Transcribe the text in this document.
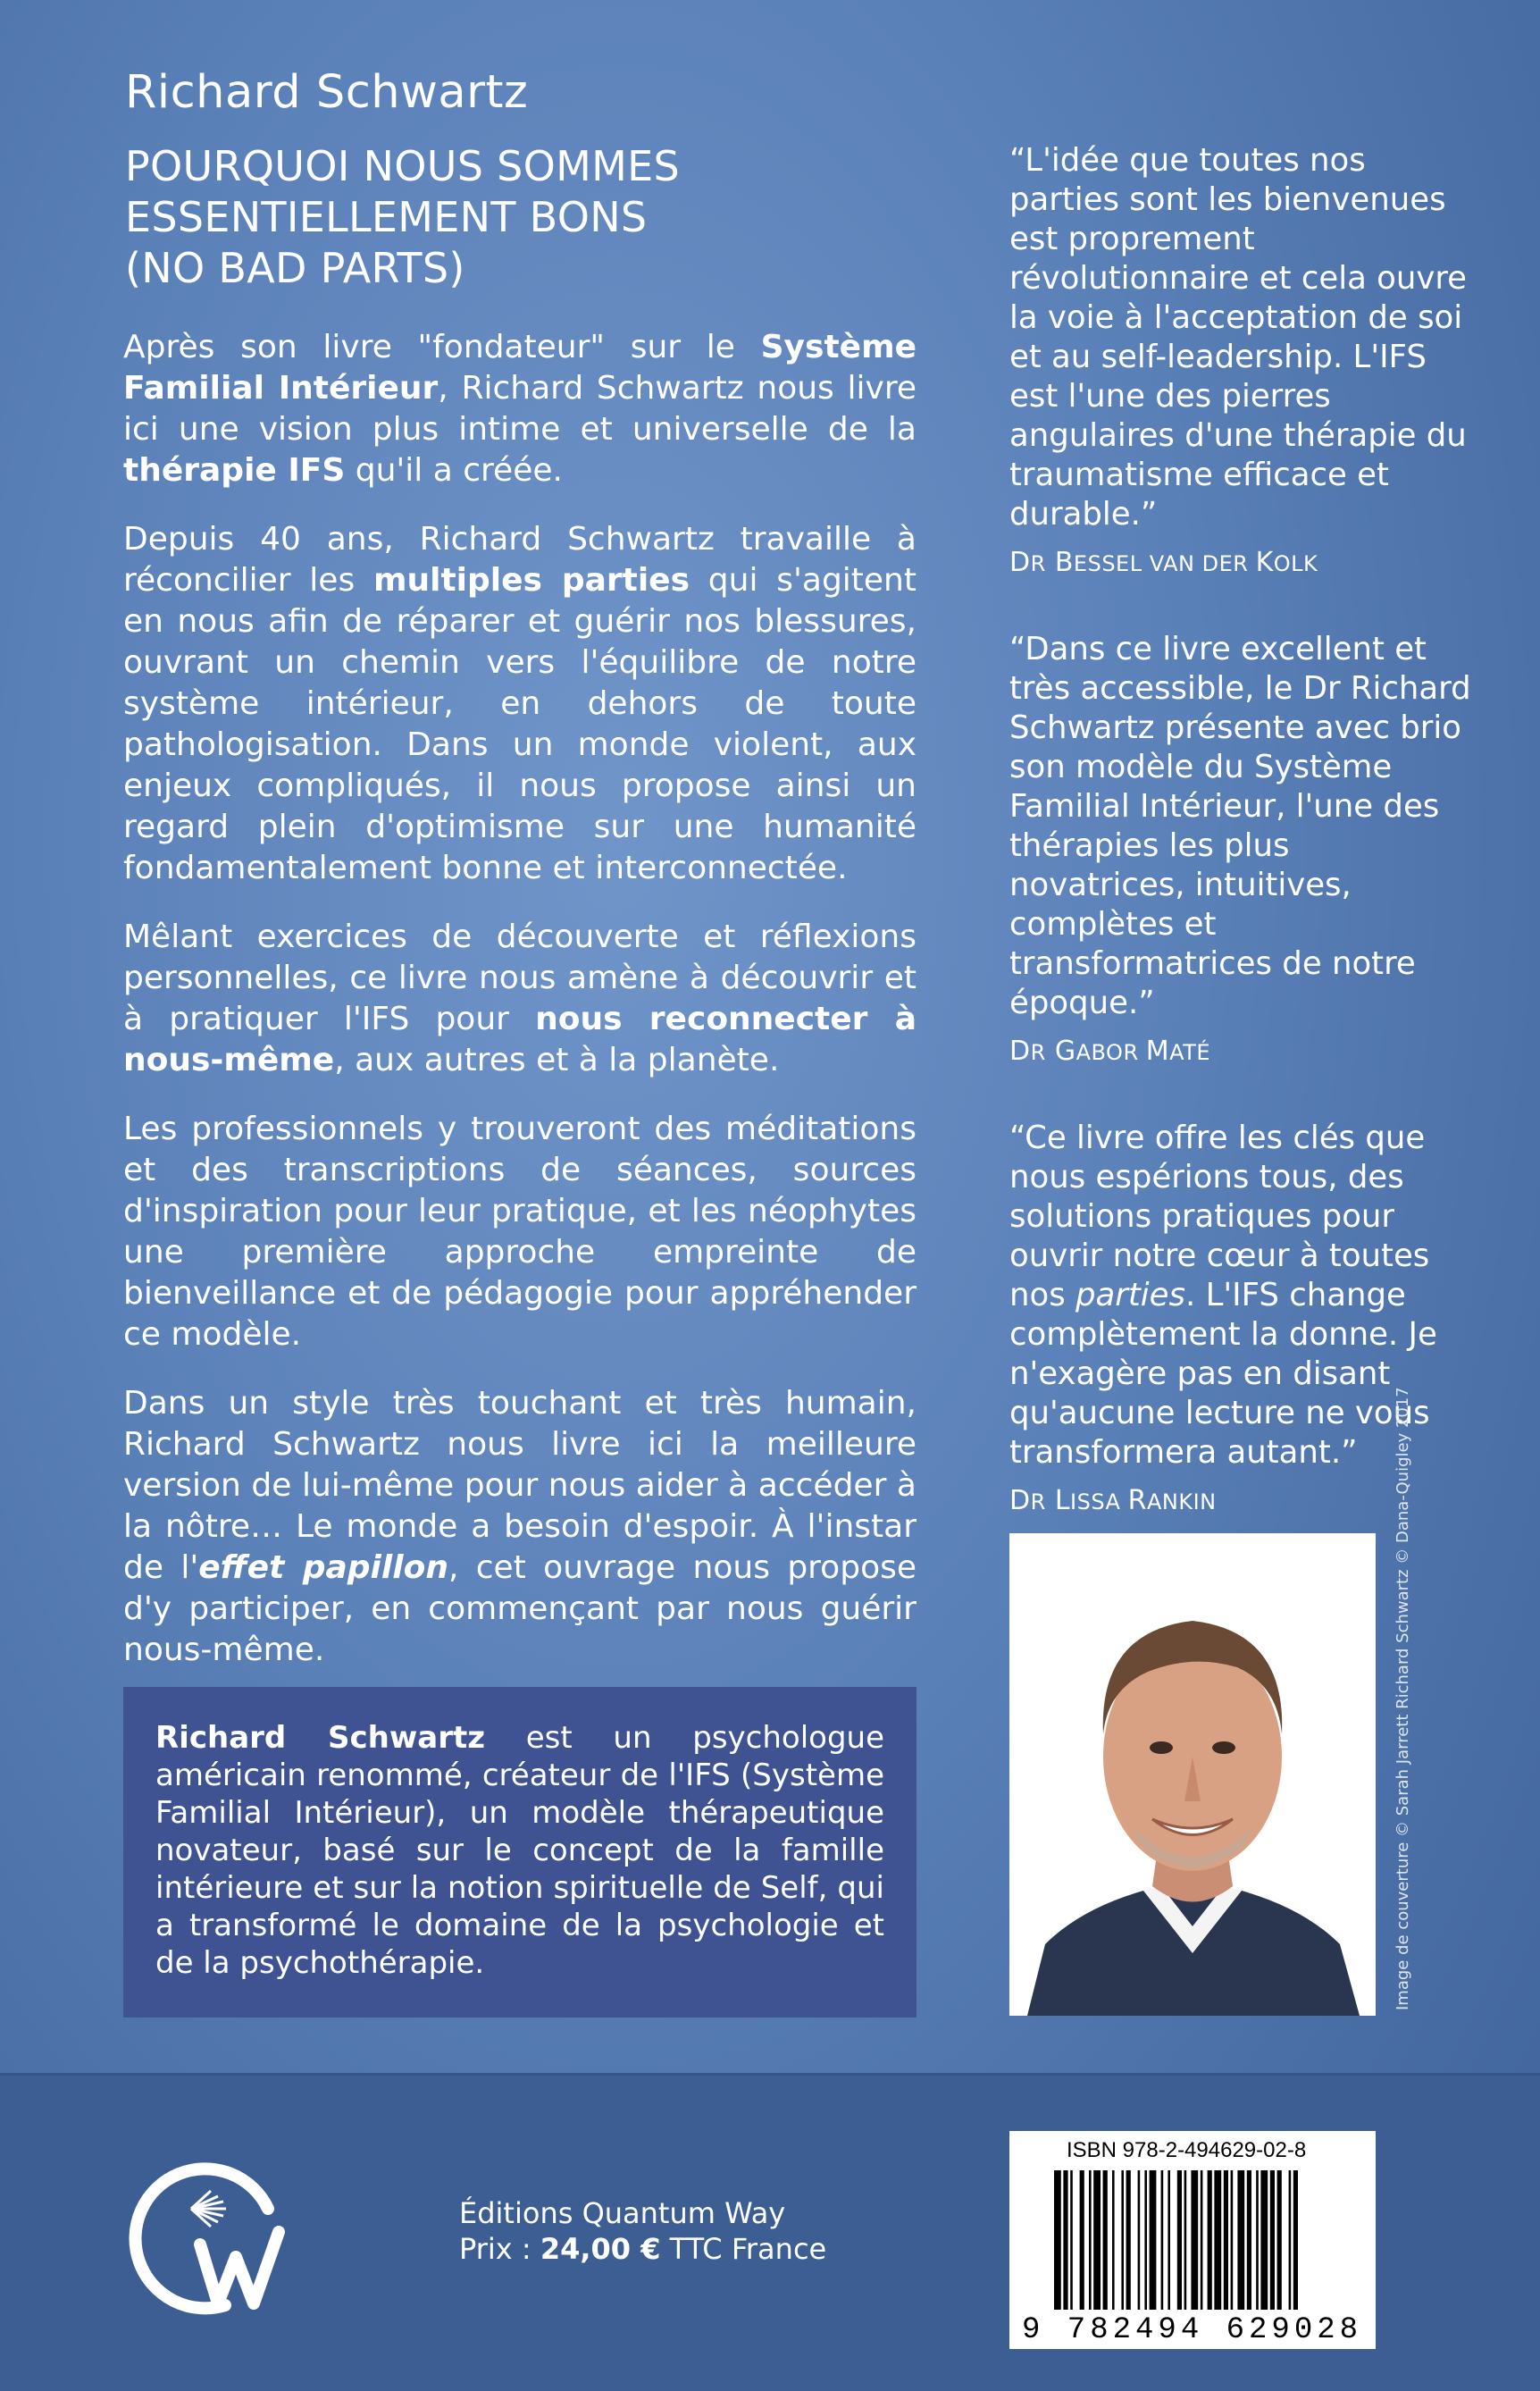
Richard Schwartz
POURQUOI NOUS SOMMES
ESSENTIELLEMENT BONS
(NO BAD PARTS)

Après son livre "fondateur" sur le Système Familial Intérieur, Richard Schwartz nous livre ici une vision plus intime et universelle de la thérapie IFS qu'il a créée.

Depuis 40 ans, Richard Schwartz travaille à réconcilier les multiples parties qui s'agitent en nous afin de réparer et guérir nos blessures, ouvrant un chemin vers l'équilibre de notre système intérieur, en dehors de toute pathologisation. Dans un monde violent, aux enjeux compliqués, il nous propose ainsi un regard plein d'optimisme sur une humanité fondamentalement bonne et interconnectée.

Mêlant exercices de découverte et réflexions personnelles, ce livre nous amène à découvrir et à pratiquer l'IFS pour nous reconnecter à nous-même, aux autres et à la planète.

Les professionnels y trouveront des méditations et des transcriptions de séances, sources d'inspiration pour leur pratique, et les néophytes une première approche empreinte de bienveillance et de pédagogie pour appréhender ce modèle.

Dans un style très touchant et très humain, Richard Schwartz nous livre ici la meilleure version de lui-même pour nous aider à accéder à la nôtre… Le monde a besoin d'espoir. À l'instar de l'effet papillon, cet ouvrage nous propose d'y participer, en commençant par nous guérir nous-même.

Richard Schwartz est un psychologue américain renommé, créateur de l'IFS (Système Familial Intérieur), un modèle thérapeutique novateur, basé sur le concept de la famille intérieure et sur la notion spirituelle de Self, qui a transformé le domaine de la psychologie et de la psychothérapie.

“L'idée que toutes nos parties sont les bienvenues est proprement révolutionnaire et cela ouvre la voie à l'acceptation de soi et au self-leadership. L'IFS est l'une des pierres angulaires d'une thérapie du traumatisme efficace et durable.”

DR BESSEL VAN DER KOLK

“Dans ce livre excellent et très accessible, le Dr Richard Schwartz présente avec brio son modèle du Système Familial Intérieur, l'une des thérapies les plus novatrices, intuitives, complètes et transformatrices de notre époque.”

DR GABOR MATÉ

“Ce livre offre les clés que nous espérions tous, des solutions pratiques pour ouvrir notre cœur à toutes nos parties. L'IFS change complètement la donne. Je n'exagère pas en disant qu'aucune lecture ne vous transformera autant.”

DR LISSA RANKIN	Image de couverture © Sarah Jarrett Richard Schwartz © Dana-Quigley 2017
Éditions Quantum Way
Prix : 24,00 € TTC France
ISBN 978-2-494629-02-8
9 782494 629028
